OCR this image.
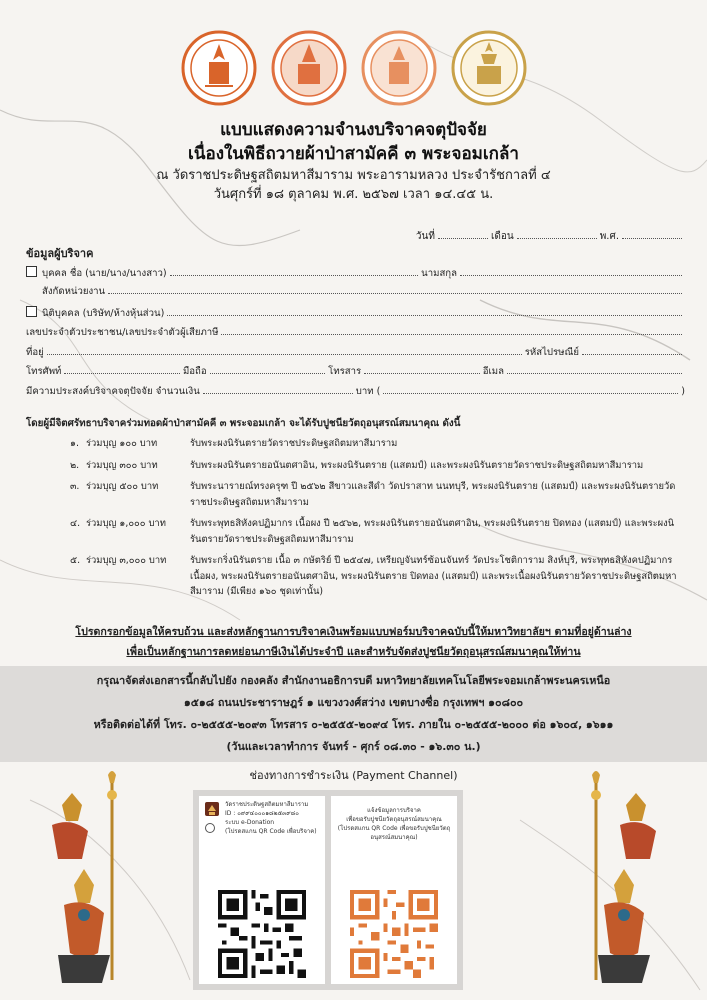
แบบแสดงความจำนงบริจาคจตุปัจจัย
เนื่องในพิธีถวายผ้าป่าสามัคคี ๓ พระจอมเกล้า
ณ วัดราชประดิษฐสถิตมหาสีมาราม พระอารามหลวง ประจำรัชกาลที่ ๔
วันศุกร์ที่ ๑๘ ตุลาคม พ.ศ. ๒๕๖๗ เวลา ๑๔.๔๕ น.
วันที่	เดือน	พ.ศ.
ข้อมูลผู้บริจาค
บุคคล ชื่อ (นาย/นาง/นางสาว)	นามสกุล
สังกัดหน่วยงาน
นิติบุคคล (บริษัท/ห้างหุ้นส่วน)
เลขประจำตัวประชาชน/เลขประจำตัวผู้เสียภาษี
ที่อยู่	รหัสไปรษณีย์
โทรศัพท์	มือถือ	โทรสาร	อีเมล
มีความประสงค์บริจาคจตุปัจจัย จำนวนเงิน	บาท (	)
โดยผู้มีจิตศรัทธาบริจาคร่วมทอดผ้าป่าสามัคคี ๓ พระจอมเกล้า จะได้รับปูชนียวัตถุอนุสรณ์สมนาคุณ ดังนี้
๑. ร่วมบุญ ๑๐๐ บาท	รับพระผงนิรันตรายวัดราชประดิษฐสถิตมหาสีมาราม
๒. ร่วมบุญ ๓๐๐ บาท	รับพระผงนิรันตรายอนันตศาอิน, พระผงนิรันตราย (แสตมป์) และพระผงนิรันตรายวัดราชประดิษฐสถิตมหาสีมาราม
๓. ร่วมบุญ ๕๐๐ บาท	รับพระนารายณ์ทรงครุฑ ปี ๒๕๖๒ สีขาวและสีดำ วัดปราสาท นนทบุรี, พระผงนิรันตราย (แสตมป์) และพระผงนิรันตรายวัดราชประดิษฐสถิตมหาสีมาราม
๔. ร่วมบุญ ๑,๐๐๐ บาท	รับพระพุทธสิหังคปฏิมากร เนื้อผง ปี ๒๕๖๒, พระผงนิรันตรายอนันตศาอิน, พระผงนิรันตราย ปิดทอง (แสตมป์) และพระผงนิรันตรายวัดราชประดิษฐสถิตมหาสีมาราม
๕. ร่วมบุญ ๓,๐๐๐ บาท	รับพระกริ่งนิรันตราย เนื้อ ๓ กษัตริย์ ปี ๒๕๔๗, เหรียญจันทร์ซ้อนจันทร์ วัดประโชติการาม สิงห์บุรี, พระพุทธสิหังคปฏิมากร เนื้อผง, พระผงนิรันตรายอนันตศาอิน, พระผงนิรันตราย ปิดทอง (แสตมป์) และพระเนื้อผงนิรันตรายวัดราชประดิษฐสถิตมหาสีมาราม (มีเพียง ๑๖๐ ชุดเท่านั้น)
โปรดกรอกข้อมูลให้ครบถ้วน และส่งหลักฐานการบริจาคเงินพร้อมแบบฟอร์มบริจาคฉบับนี้ให้มหาวิทยาลัยฯ ตามที่อยู่ด้านล่าง
เพื่อเป็นหลักฐานการลดหย่อนภาษีเงินได้ประจำปี และสำหรับจัดส่งปูชนียวัตถุอนุสรณ์สมนาคุณให้ท่าน
กรุณาจัดส่งเอกสารนี้กลับไปยัง กองคลัง สำนักงานอธิการบดี มหาวิทยาลัยเทคโนโลยีพระจอมเกล้าพระนครเหนือ
๑๕๑๘ ถนนประชาราษฎร์ ๑ แขวงวงศ์สว่าง เขตบางซื่อ กรุงเทพฯ ๑๐๘๐๐
หรือติดต่อได้ที่ โทร. ๐-๒๕๕๕-๒๐๙๓ โทรสาร ๐-๒๕๕๕-๒๐๙๔ โทร. ภายใน ๐-๒๕๕๕-๒๐๐๐ ต่อ ๑๖๐๔, ๑๖๑๑
(วันและเวลาทำการ จันทร์ - ศุกร์ ๐๘.๓๐ - ๑๖.๓๐ น.)
ช่องทางการชำระเงิน (Payment Channel)
วัดราชประดิษฐสถิตมหาสีมาราม
ID : ๐๙๙๔๐๐๐๑๘๒๕๓๙๘๐
ระบบ e-Donation
(โปรดสแกน QR Code เพื่อบริจาค)
แจ้งข้อมูลการบริจาค
เพื่อขอรับปูชนียวัตถุอนุสรณ์สมนาคุณ
(โปรดสแกน QR Code เพื่อขอรับปูชนียวัตถุอนุสรณ์สมนาคุณ)
